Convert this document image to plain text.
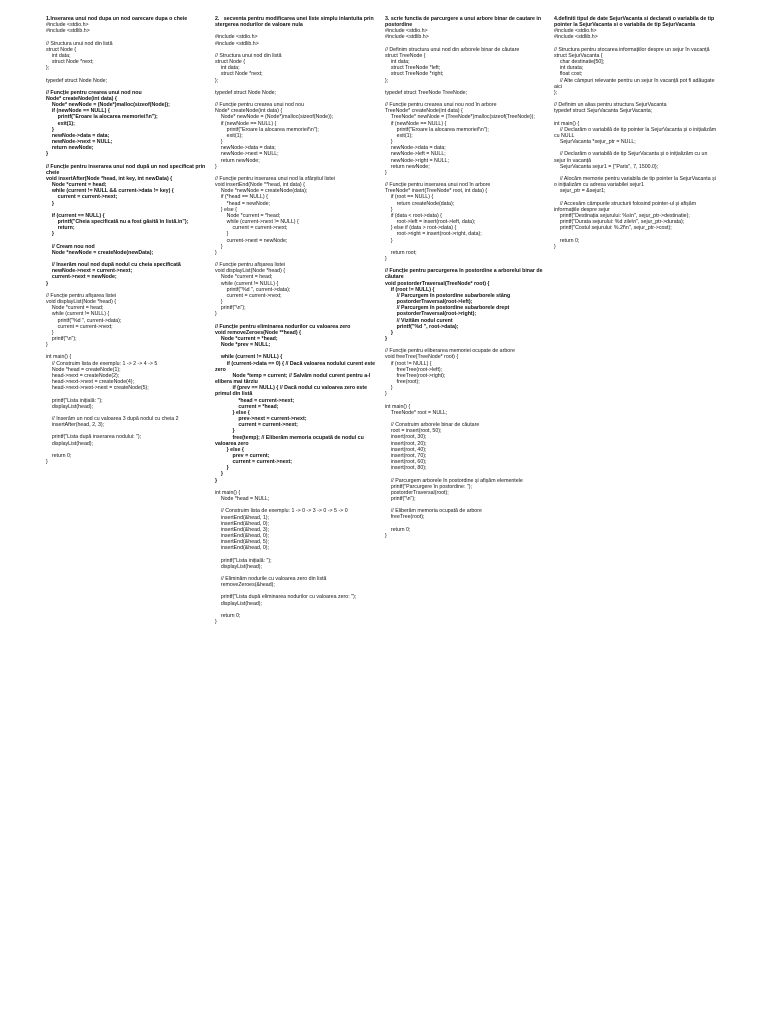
1.Inserarea unui nod dupa un nod oarecare dupa o cheie
#include <stdio.h>
#include <stdlib.h>
// Structura unui nod din listă
struct Node {
int data;
struct Node *next;
};
typedef struct Node Node;
// Funcție pentru crearea unui nod nou
Node* createNode(int data) {
Node* newNode = (Node*)malloc(sizeof(Node));
if (newNode == NULL) {
printf("Eroare la alocarea memoriei!\n");
exit(1);
}
newNode->data = data;
newNode->next = NULL;
return newNode;
}
// Funcție pentru inserarea unui nod după un nod specificat prin cheie
void insertAfter(Node *head, int key, int newData) {
Node *current = head;
while (current != NULL && current->data != key) {
current = current->next;
}
if (current == NULL) {
printf("Cheia specificată nu a fost găsită în listă.\n");
return;
}
// Cream nou nod
Node *newNode = createNode(newData);
// Inserăm noul nod după nodul cu cheia specificată
newNode->next = current->next;
current->next = newNode;
}
// Funcție pentru afișarea listei
void displayList(Node *head) {
Node *current = head;
while (current != NULL) {
printf("%d ", current->data);
current = current->next;
}
printf("\n");
}
int main() {
// Construim lista de exemplu: 1 -> 2 -> 4 -> 5
Node *head = createNode(1);
head->next = createNode(2);
head->next->next = createNode(4);
head->next->next->next = createNode(5);
printf("Lista inițială: ");
displayList(head);
// Inserăm un nod cu valoarea 3 după nodul cu cheia 2
insertAfter(head, 2, 3);
printf("Lista după inserarea nodului: ");
displayList(head);
return 0;
}
2.   secventa pentru modificarea unei liste simplu inlantuita prin stergerea nodurilor de valoare nula
#include <stdio.h>
#include <stdlib.h>
// Structura unui nod din listă
struct Node {
int data;
struct Node *next;
};
typedef struct Node Node;
// Funcție pentru crearea unui nod nou
Node* createNode(int data) {
Node* newNode = (Node*)malloc(sizeof(Node));
if (newNode == NULL) {
printf("Eroare la alocarea memoriei!\n");
exit(1);
}
newNode->data = data;
newNode->next = NULL;
return newNode;
}
// Funcție pentru inserarea unui nod la sfârșitul listei
void insertEnd(Node **head, int data) {
Node *newNode = createNode(data);
if (*head == NULL) {
*head = newNode;
} else {
Node *current = *head;
while (current->next != NULL) {
current = current->next;
}
current->next = newNode;
}
}
// Funcție pentru afișarea listei
void displayList(Node *head) {
Node *current = head;
while (current != NULL) {
printf("%d ", current->data);
current = current->next;
}
printf("\n");
}
// Funcție pentru eliminarea nodurilor cu valoarea zero
void removeZeroes(Node **head) {
Node *current = *head;
Node *prev = NULL;
while (current != NULL) {
if (current->data == 0) { // Dacă valoarea nodului curent este zero
Node *temp = current; // Salvăm nodul curent pentru a-l elibera mai târziu
if (prev == NULL) { // Dacă nodul cu valoarea zero este primul din listă
*head = current->next;
current = *head;
} else {
prev->next = current->next;
current = current->next;
}
free(temp); // Eliberăm memoria ocupată de nodul cu valoarea zero
} else {
prev = current;
current = current->next;
}
}
}
int main() {
Node *head = NULL;
// Construim lista de exemplu: 1 -> 0 -> 3 -> 0 -> 5 -> 0
insertEnd(&head, 1);
insertEnd(&head, 0);
insertEnd(&head, 3);
insertEnd(&head, 0);
insertEnd(&head, 5);
insertEnd(&head, 0);
printf("Lista inițială: ");
displayList(head);
// Eliminăm nodurile cu valoarea zero din listă
removeZeroes(&head);
printf("Lista după eliminarea nodurilor cu valoarea zero: ");
displayList(head);
return 0;
}
3. scrie functia de parcurgere a unui arbore binar de cautare in postordine
#include <stdio.h>
#include <stdlib.h>
// Definim structura unui nod din arborele binar de căutare
struct TreeNode {
int data;
struct TreeNode *left;
struct TreeNode *right;
};
typedef struct TreeNode TreeNode;
// Funcție pentru crearea unui nou nod în arbore
TreeNode* createNode(int data) {
TreeNode* newNode = (TreeNode*)malloc(sizeof(TreeNode));
if (newNode == NULL) {
printf("Eroare la alocarea memoriei!\n");
exit(1);
}
newNode->data = data;
newNode->left = NULL;
newNode->right = NULL;
return newNode;
}
// Funcție pentru inserarea unui nod în arbore
TreeNode* insert(TreeNode* root, int data) {
if (root == NULL) {
return createNode(data);
}
if (data < root->data) {
root->left = insert(root->left, data);
} else if (data > root->data) {
root->right = insert(root->right, data);
}
return root;
}
// Funcție pentru parcurgerea în postordine a arborelui binar de căutare
void postorderTraversal(TreeNode* root) {
if (root != NULL) {
// Parcurgem în postordine subarborele stâng
postorderTraversal(root->left);
// Parcurgem în postordine subarborele drept
postorderTraversal(root->right);
// Vizităm nodul curent
printf("%d ", root->data);
}
}
// Funcție pentru eliberarea memoriei ocupate de arbore
void freeTree(TreeNode* root) {
if (root != NULL) {
freeTree(root->left);
freeTree(root->right);
free(root);
}
}
int main() {
TreeNode* root = NULL;
// Construim arborele binar de căutare
root = insert(root, 50);
insert(root, 30);
insert(root, 20);
insert(root, 40);
insert(root, 70);
insert(root, 60);
insert(root, 80);
// Parcurgem arborele în postordine și afișăm elementele
printf("Parcurgere în postordine: ");
postorderTraversal(root);
printf("\n");
// Eliberăm memoria ocupată de arbore
freeTree(root);
return 0;
}
4.definiti tipul de date SejurVacanta si declarati o variabila de tip pointer la SejurVacanta si o variabila de tip SejurVacanta
#include <stdio.h>
#include <stdlib.h>
// Structura pentru stocarea informațiilor despre un sejur în vacanță
struct SejurVacanta {
char destinatie[50];
int durata;
float cost;
// Alte câmpuri relevante pentru un sejur în vacanță pot fi adăugate aici
};
// Definim un alias pentru structura SejurVacanta
typedef struct SejurVacanta SejurVacanta;
int main() {
// Declarăm o variabilă de tip pointer la SejurVacanta și o inițializăm cu NULL
SejurVacanta *sejur_ptr = NULL;
// Declarăm o variabilă de tip SejurVacanta și o inițializăm cu un sejur în vacanță
SejurVacanta sejur1 = {"Paris", 7, 1500.0};
// Alocăm memorie pentru variabila de tip pointer la SejurVacanta și o inițializăm cu adresa variabilei sejur1
sejur_ptr = &sejur1;
// Accesăm câmpurile structurii folosind pointer-ul și afișăm informațiile despre sejur
printf("Destinația sejurului: %s\n", sejur_ptr->destinatie);
printf("Durata sejurului: %d zile\n", sejur_ptr->durata);
printf("Costul sejurului: %.2f\n", sejur_ptr->cost);
return 0;
}
